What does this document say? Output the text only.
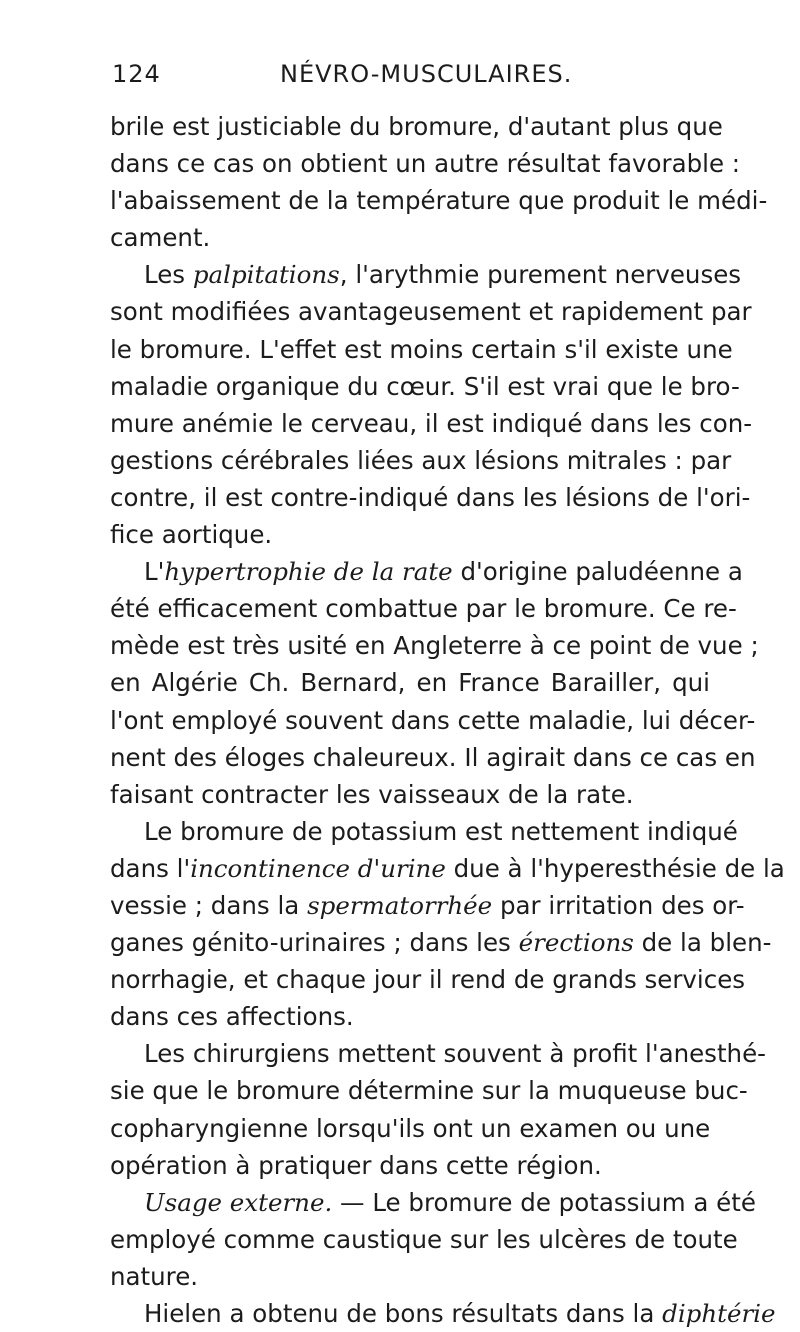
124	NÉVRO-MUSCULAIRES.
brile est justiciable du bromure, d'autant plus que
dans ce cas on obtient un autre résultat favorable :
l'abaissement de la température que produit le médi-
cament.
Les palpitations, l'arythmie purement nerveuses
sont modifiées avantageusement et rapidement par
le bromure. L'effet est moins certain s'il existe une
maladie organique du cœur. S'il est vrai que le bro-
mure anémie le cerveau, il est indiqué dans les con-
gestions cérébrales liées aux lésions mitrales : par
contre, il est contre-indiqué dans les lésions de l'ori-
fice aortique.
L'hypertrophie de la rate d'origine paludéenne a
été efficacement combattue par le bromure. Ce re-
mède est très usité en Angleterre à ce point de vue ;
en Algérie Ch. Bernard, en France Barailler, qui
l'ont employé souvent dans cette maladie, lui décer-
nent des éloges chaleureux. Il agirait dans ce cas en
faisant contracter les vaisseaux de la rate.
Le bromure de potassium est nettement indiqué
dans l'incontinence d'urine due à l'hyperesthésie de la
vessie ; dans la spermatorrhée par irritation des or-
ganes génito-urinaires ; dans les érections de la blen-
norrhagie, et chaque jour il rend de grands services
dans ces affections.
Les chirurgiens mettent souvent à profit l'anesthé-
sie que le bromure détermine sur la muqueuse buc-
copharyngienne lorsqu'ils ont un examen ou une
opération à pratiquer dans cette région.
Usage externe. — Le bromure de potassium a été
employé comme caustique sur les ulcères de toute
nature.
Hielen a obtenu de bons résultats dans la diphtérie
